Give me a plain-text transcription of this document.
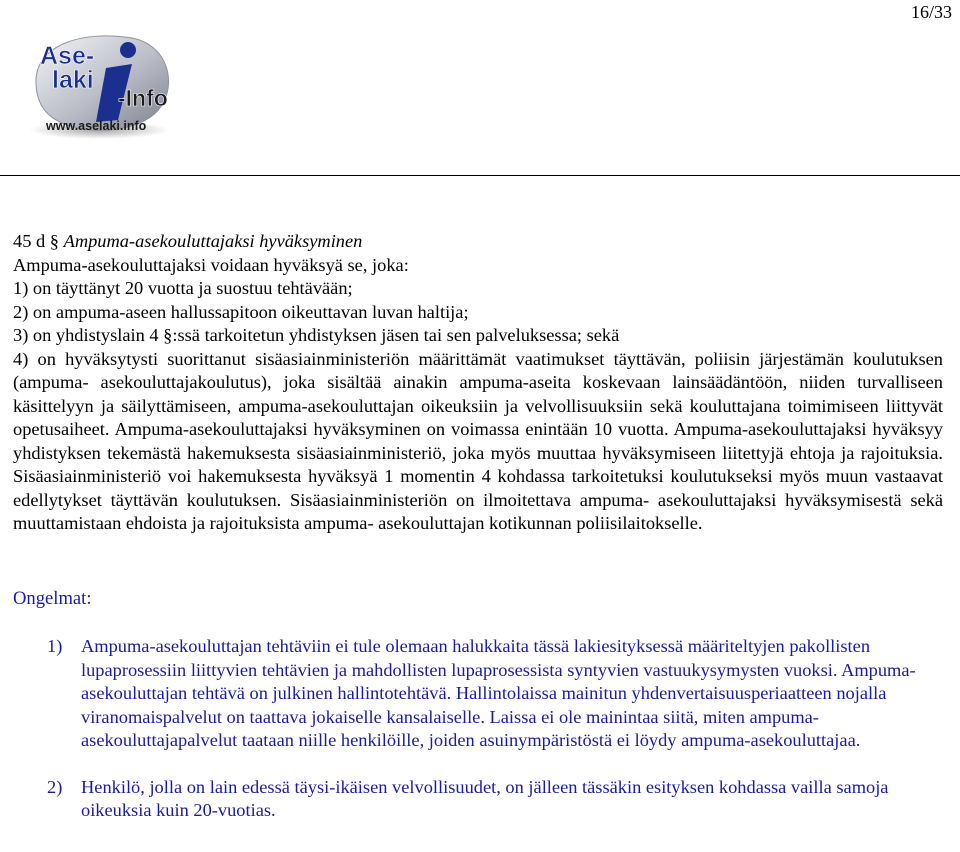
16/33
Ase-
laki
-Info
www.aselaki.info
45 d § Ampuma-asekouluttajaksi hyväksyminen
Ampuma-asekouluttajaksi voidaan hyväksyä se, joka:
1) on täyttänyt 20 vuotta ja suostuu tehtävään;
2) on ampuma-aseen hallussapitoon oikeuttavan luvan haltija;
3) on yhdistyslain 4 §:ssä tarkoitetun yhdistyksen jäsen tai sen palveluksessa; sekä
4) on hyväksytysti suorittanut sisäasiainministeriön määrittämät vaatimukset täyttävän, poliisin järjestämän koulutuksen (ampuma- asekouluttajakoulutus), joka sisältää ainakin ampuma-aseita koskevaan lainsäädäntöön, niiden turvalliseen käsittelyyn ja säilyttämiseen, ampuma-asekouluttajan oikeuksiin ja velvollisuuksiin sekä kouluttajana toimimiseen liittyvät opetusaiheet. Ampuma-asekouluttajaksi hyväksyminen on voimassa enintään 10 vuotta. Ampuma-asekouluttajaksi hyväksyy yhdistyksen tekemästä hakemuksesta sisäasiainministeriö, joka myös muuttaa hyväksymiseen liitettyjä ehtoja ja rajoituksia. Sisäasiainministeriö voi hakemuksesta hyväksyä 1 momentin 4 kohdassa tarkoitetuksi koulutukseksi myös muun vastaavat edellytykset täyttävän koulutuksen. Sisäasiainministeriön on ilmoitettava ampuma- asekouluttajaksi hyväksymisestä sekä muuttamistaan ehdoista ja rajoituksista ampuma- asekouluttajan kotikunnan poliisilaitokselle.
Ongelmat:
1)	Ampuma-asekouluttajan tehtäviin ei tule olemaan halukkaita tässä lakiesityksessä määriteltyjen pakollisten lupaprosessiin liittyvien tehtävien ja mahdollisten lupaprosessista syntyvien vastuukysymysten vuoksi. Ampuma-asekouluttajan tehtävä on julkinen hallintotehtävä. Hallintolaissa mainitun yhdenvertaisuusperiaatteen nojalla viranomaispalvelut on taattava jokaiselle kansalaiselle. Laissa ei ole mainintaa siitä, miten ampuma-asekouluttajapalvelut taataan niille henkilöille, joiden asuinympäristöstä ei löydy ampuma-asekouluttajaa.
2)	Henkilö, jolla on lain edessä täysi-ikäisen velvollisuudet, on jälleen tässäkin esityksen kohdassa vailla samoja oikeuksia kuin 20-vuotias.
